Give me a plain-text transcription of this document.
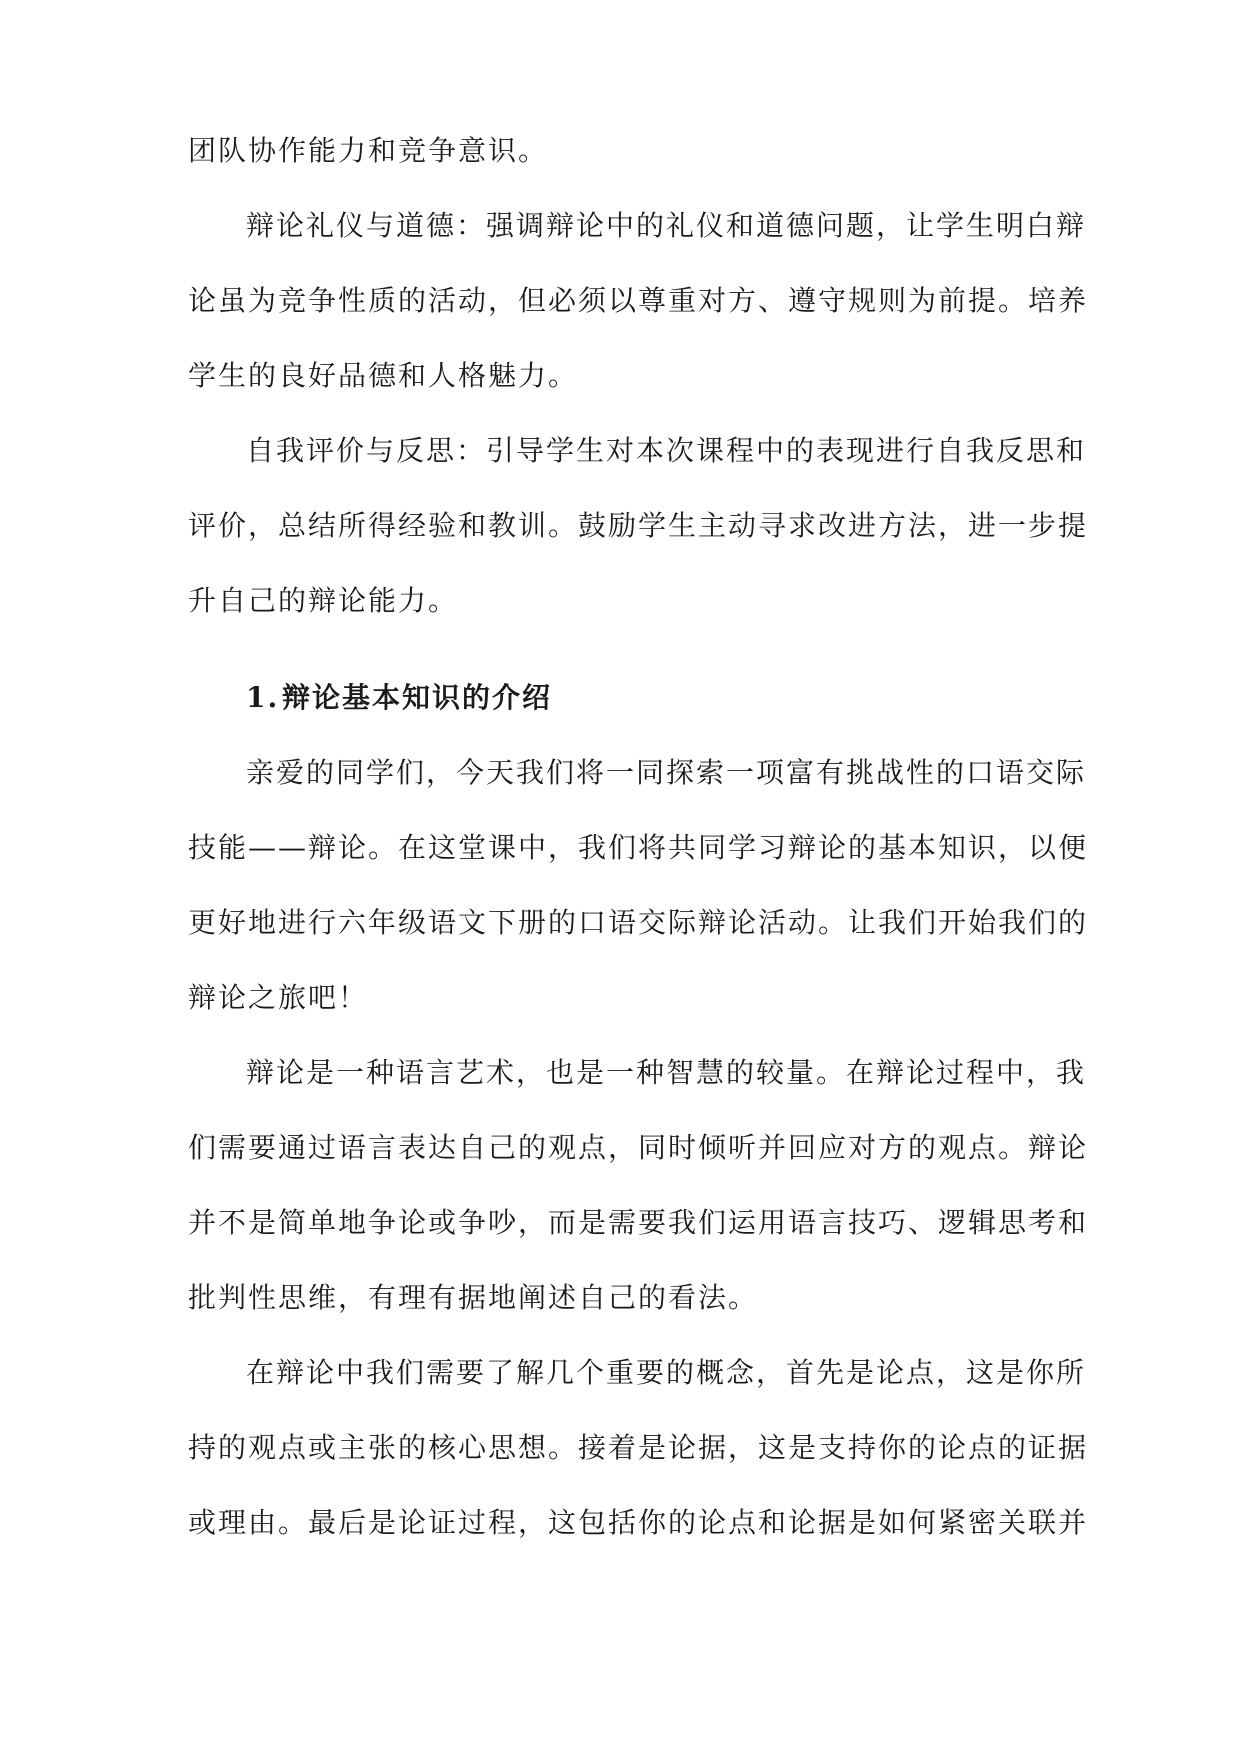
团队协作能力和竞争意识。
辩论礼仪与道德：强调辩论中的礼仪和道德问题，让学生明白辩
论虽为竞争性质的活动，但必须以尊重对方、遵守规则为前提。培养
学生的良好品德和人格魅力。
自我评价与反思：引导学生对本次课程中的表现进行自我反思和
评价，总结所得经验和教训。鼓励学生主动寻求改进方法，进一步提
升自己的辩论能力。
1.辩论基本知识的介绍
亲爱的同学们，今天我们将一同探索一项富有挑战性的口语交际
技能——辩论。在这堂课中，我们将共同学习辩论的基本知识，以便
更好地进行六年级语文下册的口语交际辩论活动。让我们开始我们的
辩论之旅吧！
辩论是一种语言艺术，也是一种智慧的较量。在辩论过程中，我
们需要通过语言表达自己的观点，同时倾听并回应对方的观点。辩论
并不是简单地争论或争吵，而是需要我们运用语言技巧、逻辑思考和
批判性思维，有理有据地阐述自己的看法。
在辩论中我们需要了解几个重要的概念，首先是论点，这是你所
持的观点或主张的核心思想。接着是论据，这是支持你的论点的证据
或理由。最后是论证过程，这包括你的论点和论据是如何紧密关联并
